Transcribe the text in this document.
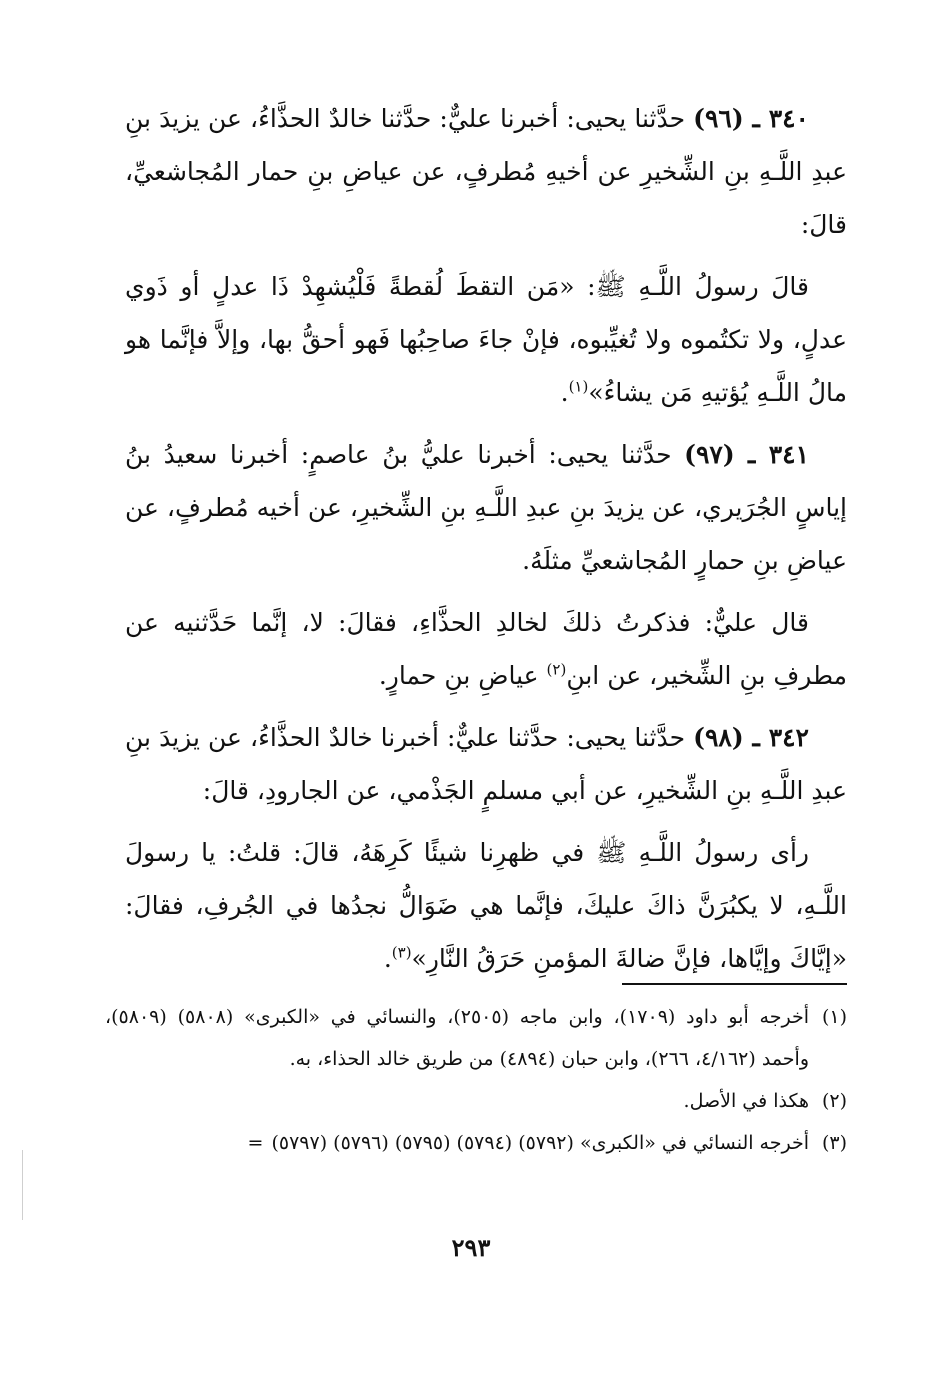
٣٤٠ ـ (٩٦) حدَّثنا يحيى: أخبرنا عليٌّ: حدَّثنا خالدٌ الحذَّاءُ، عن يزيدَ بنِ عبدِ اللَّـهِ بنِ الشِّخيرِ عن أخيهِ مُطرفٍ، عن عياضِ بنِ حمار المُجاشعيِّ، قالَ:

قالَ رسولُ اللَّـهِ ﷺ: «مَن التقطَ لُقطةً فَلْيُشهِدْ ذَا عدلٍ أو ذَوي عدلٍ، ولا تكتُموه ولا تُغيِّبوه، فإنْ جاءَ صاحِبُها فَهو أحقُّ بها، وإلاَّ فإنَّما هو مالُ اللَّـهِ يُؤتيهِ مَن يشاءُ»$^{(١)}$.

٣٤١ ـ (٩٧) حدَّثنا يحيى: أخبرنا عليُّ بنُ عاصمٍ: أخبرنا سعيدُ بنُ إياسٍ الجُرَيري، عن يزيدَ بنِ عبدِ اللَّـهِ بنِ الشِّخيرِ، عن أخيه مُطرفٍ، عن عياضِ بنِ حمارٍ المُجاشعيِّ مثلَهُ.

قال عليٌّ: فذكرتُ ذلكَ لخالدِ الحذَّاءِ، فقالَ: لا، إنَّما حَدَّثنيه عن مطرفِ بنِ الشِّخير، عن ابنِ$^{(٢)}$ عياضِ بنِ حمارٍ.

٣٤٢ ـ (٩٨) حدَّثنا يحيى: حدَّثنا عليٌّ: أخبرنا خالدٌ الحذَّاءُ، عن يزيدَ بنِ عبدِ اللَّـهِ بنِ الشِّخيرِ، عن أبي مسلمٍ الجَذْمي، عن الجارودِ، قالَ:

رأى رسولُ اللَّـهِ ﷺ في ظهرِنا شيئًا كَرِهَهُ، قالَ: قلتُ: يا رسولَ اللَّـهِ، لا يكبُرَنَّ ذاكَ عليكَ، فإنَّما هي ضَوَالُّ نجدُها في الجُرفِ، فقالَ: «إيَّاكَ وإيَّاها، فإنَّ ضالةَ المؤمنِ حَرَقُ النَّارِ»$^{(٣)}$.

(١)
أخرجه أبو داود (١٧٠٩)، وابن ماجه (٢٥٠٥)، والنسائي في «الكبرى» (٥٨٠٨) (٥٨٠٩)، وأحمد (٤/١٦٢، ٢٦٦)، وابن حبان (٤٨٩٤) من طريق خالد الحذاء، به.

(٢)
هكذا في الأصل.

(٣)
أخرجه النسائي في «الكبرى» (٥٧٩٢) (٥٧٩٤) (٥٧٩٥) (٥٧٩٦) (٥٧٩٧)=

٢٩٣
